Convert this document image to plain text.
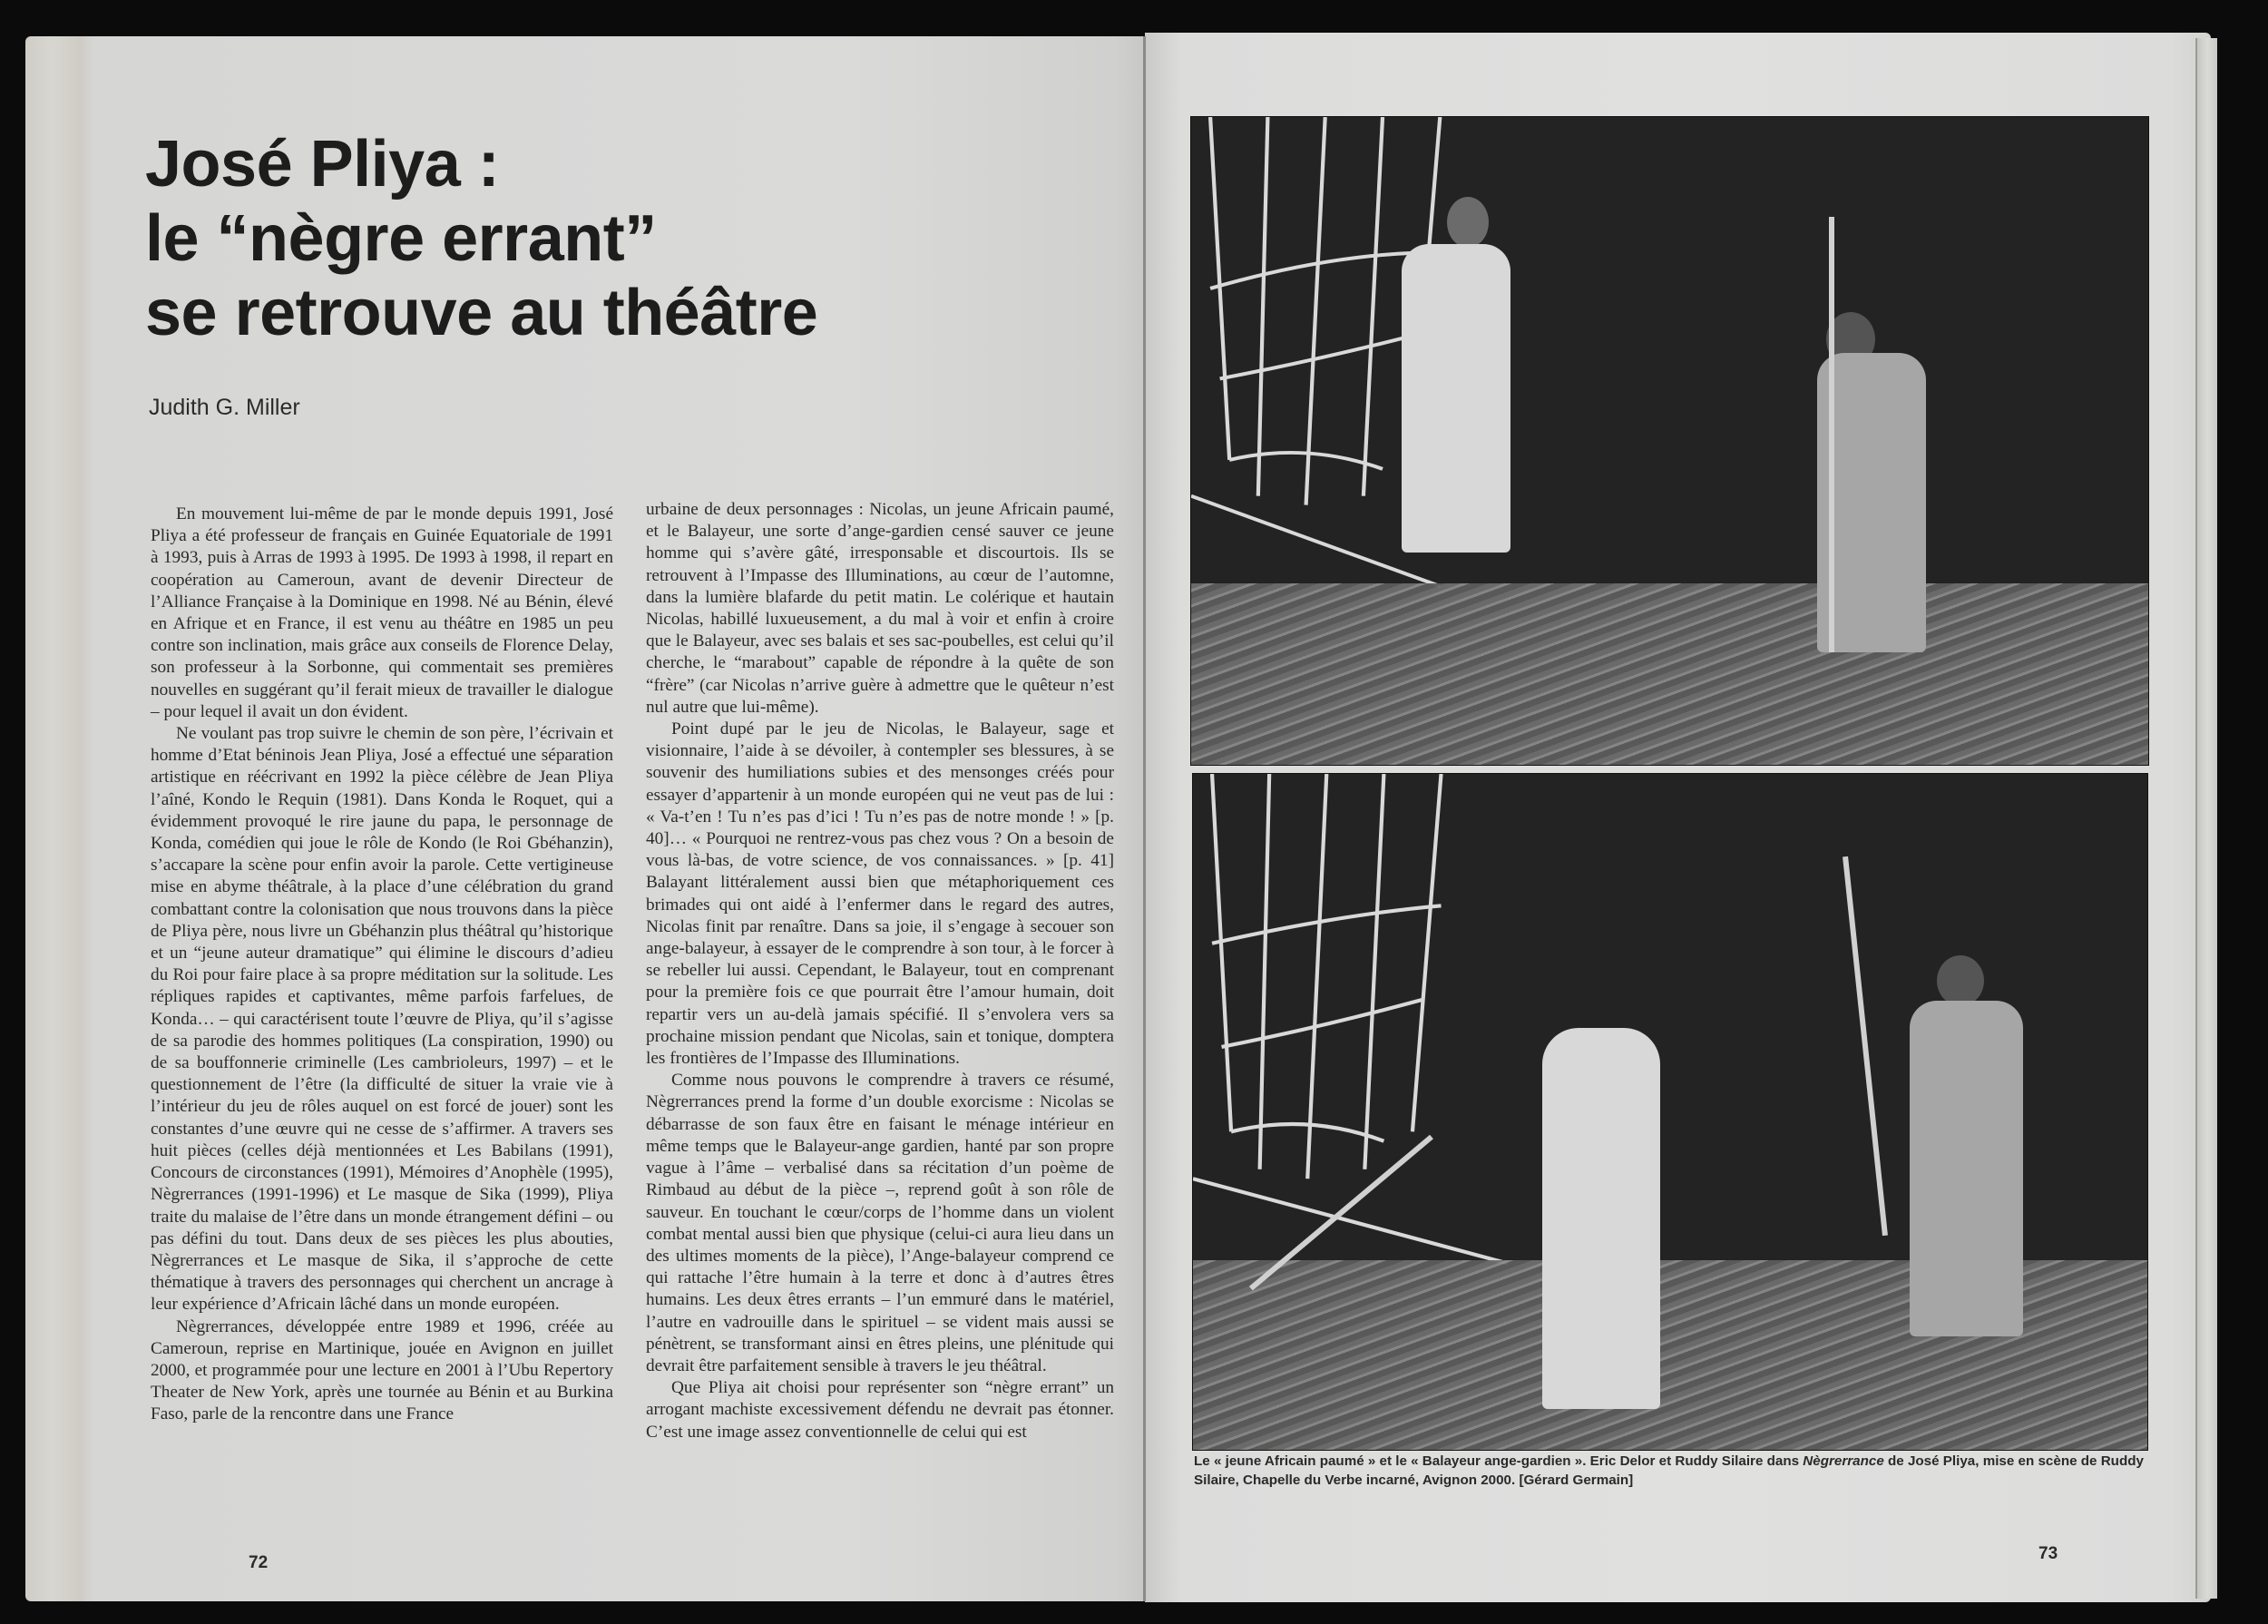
José Pliya :
le “nègre errant”
se retrouve au théâtre
Judith G. Miller

En mouvement lui-même de par le monde depuis 1991, José Pliya a été professeur de français en Guinée Equatoriale de 1991 à 1993, puis à Arras de 1993 à 1995. De 1993 à 1998, il repart en coopération au Cameroun, avant de devenir Directeur de l’Alliance Française à la Dominique en 1998. Né au Bénin, élevé en Afrique et en France, il est venu au théâtre en 1985 un peu contre son inclination, mais grâce aux conseils de Florence Delay, son professeur à la Sorbonne, qui commentait ses premières nouvelles en suggérant qu’il ferait mieux de travailler le dialogue – pour lequel il avait un don évident.

Ne voulant pas trop suivre le chemin de son père, l’écrivain et homme d’Etat béninois Jean Pliya, José a effectué une séparation artistique en réécrivant en 1992 la pièce célèbre de Jean Pliya l’aîné, Kondo le Requin (1981). Dans Konda le Roquet, qui a évidemment provoqué le rire jaune du papa, le personnage de Konda, comédien qui joue le rôle de Kondo (le Roi Gbéhanzin), s’accapare la scène pour enfin avoir la parole. Cette vertigineuse mise en abyme théâtrale, à la place d’une célébration du grand combattant contre la colonisation que nous trouvons dans la pièce de Pliya père, nous livre un Gbéhanzin plus théâtral qu’historique et un “jeune auteur dramatique” qui élimine le discours d’adieu du Roi pour faire place à sa propre méditation sur la solitude. Les répliques rapides et captivantes, même parfois farfelues, de Konda… – qui caractérisent toute l’œuvre de Pliya, qu’il s’agisse de sa parodie des hommes politiques (La conspiration, 1990) ou de sa bouffonnerie criminelle (Les cambrioleurs, 1997) – et le questionnement de l’être (la difficulté de situer la vraie vie à l’intérieur du jeu de rôles auquel on est forcé de jouer) sont les constantes d’une œuvre qui ne cesse de s’affirmer. A travers ses huit pièces (celles déjà mentionnées et Les Babilans (1991), Concours de circonstances (1991), Mémoires d’Anophèle (1995), Nègrerrances (1991-1996) et Le masque de Sika (1999), Pliya traite du malaise de l’être dans un monde étrangement défini – ou pas défini du tout. Dans deux de ses pièces les plus abouties, Nègrerrances et Le masque de Sika, il s’approche de cette thématique à travers des personnages qui cherchent un ancrage à leur expérience d’Africain lâché dans un monde européen.

Nègrerrances, développée entre 1989 et 1996, créée au Cameroun, reprise en Martinique, jouée en Avignon en juillet 2000, et programmée pour une lecture en 2001 à l’Ubu Repertory Theater de New York, après une tournée au Bénin et au Burkina Faso, parle de la rencontre dans une France

urbaine de deux personnages : Nicolas, un jeune Africain paumé, et le Balayeur, une sorte d’ange-gardien censé sauver ce jeune homme qui s’avère gâté, irresponsable et discourtois. Ils se retrouvent à l’Impasse des Illuminations, au cœur de l’automne, dans la lumière blafarde du petit matin. Le colérique et hautain Nicolas, habillé luxueusement, a du mal à voir et enfin à croire que le Balayeur, avec ses balais et ses sac-poubelles, est celui qu’il cherche, le “marabout” capable de répondre à la quête de son “frère” (car Nicolas n’arrive guère à admettre que le quêteur n’est nul autre que lui-même).

Point dupé par le jeu de Nicolas, le Balayeur, sage et visionnaire, l’aide à se dévoiler, à contempler ses blessures, à se souvenir des humiliations subies et des mensonges créés pour essayer d’appartenir à un monde européen qui ne veut pas de lui : « Va-t’en ! Tu n’es pas d’ici ! Tu n’es pas de notre monde ! » [p. 40]… « Pourquoi ne rentrez-vous pas chez vous ? On a besoin de vous là-bas, de votre science, de vos connaissances. » [p. 41] Balayant littéralement aussi bien que métaphoriquement ces brimades qui ont aidé à l’enfermer dans le regard des autres, Nicolas finit par renaître. Dans sa joie, il s’engage à secouer son ange-balayeur, à essayer de le comprendre à son tour, à le forcer à se rebeller lui aussi. Cependant, le Balayeur, tout en comprenant pour la première fois ce que pourrait être l’amour humain, doit repartir vers un au-delà jamais spécifié. Il s’envolera vers sa prochaine mission pendant que Nicolas, sain et tonique, domptera les frontières de l’Impasse des Illuminations.

Comme nous pouvons le comprendre à travers ce résumé, Nègrerrances prend la forme d’un double exorcisme : Nicolas se débarrasse de son faux être en faisant le ménage intérieur en même temps que le Balayeur-ange gardien, hanté par son propre vague à l’âme – verbalisé dans sa récitation d’un poème de Rimbaud au début de la pièce –, reprend goût à son rôle de sauveur. En touchant le cœur/corps de l’homme dans un violent combat mental aussi bien que physique (celui-ci aura lieu dans un des ultimes moments de la pièce), l’Ange-balayeur comprend ce qui rattache l’être humain à la terre et donc à d’autres êtres humains. Les deux êtres errants – l’un emmuré dans le matériel, l’autre en vadrouille dans le spirituel – se vident mais aussi se pénètrent, se transformant ainsi en êtres pleins, une plénitude qui devrait être parfaitement sensible à travers le jeu théâtral.

Que Pliya ait choisi pour représenter son “nègre errant” un arrogant machiste excessivement défendu ne devrait pas étonner. C’est une image assez conventionnelle de celui qui est

72
Le « jeune Africain paumé » et le « Balayeur ange-gardien ». Eric Delor et Ruddy Silaire dans Nègrerrance de José Pliya, mise en scène de Ruddy Silaire, Chapelle du Verbe incarné, Avignon 2000. [Gérard Germain]
73
